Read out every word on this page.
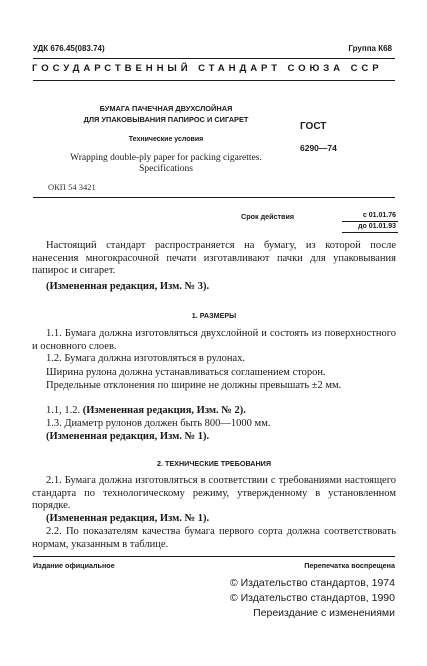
УДК 676.45(083.74)	Группа К68

ГОСУДАРСТВЕННЫЙ СТАНДАРТ СОЮЗА ССР

БУМАГА ПАЧЕЧНАЯ ДВУХСЛОЙНАЯ
ДЛЯ УПАКОВЫВАНИЯ ПАПИРОС И СИГАРЕТ

Технические условия

Wrapping double-ply paper for packing cigarettes.
Specifications

ОКП 54 3421

ГОСТ

6290—74

Срок действия	с 01.01.76
до 01.01.93
Настоящий стандарт распространяется на бумагу, из которой после нанесения многокрасочной печати изготавливают пачки для упаковывания папирос и сигарет.
(Измененная редакция, Изм. № 3).

1. РАЗМЕРЫ

1.1. Бумага должна изготовляться двухслойной и состоять из поверхностного и основного слоев.
1.2. Бумага должна изготовляться в рулонах.
Ширина рулона должна устанавливаться соглашением сторон.
Предельные отклонения по ширине не должны превышать ±2 мм.
1.1, 1.2. (Измененная редакция, Изм. № 2).
1.3. Диаметр рулонов должен быть 800—1000 мм.
(Измененная редакция, Изм. № 1).

2. ТЕХНИЧЕСКИЕ ТРЕБОВАНИЯ

2.1. Бумага должна изготовляться в соответствии с требованиями настоящего стандарта по технологическому режиму, утвержденному в установленном порядке.
(Измененная редакция, Изм. № 1).
2.2. По показателям качества бумага первого сорта должна соответствовать нормам, указанным в таблице.

Издание официальное	Перепечатка воспрещена

© Издательство стандартов, 1974

© Издательство стандартов, 1990

Переиздание с изменениями
